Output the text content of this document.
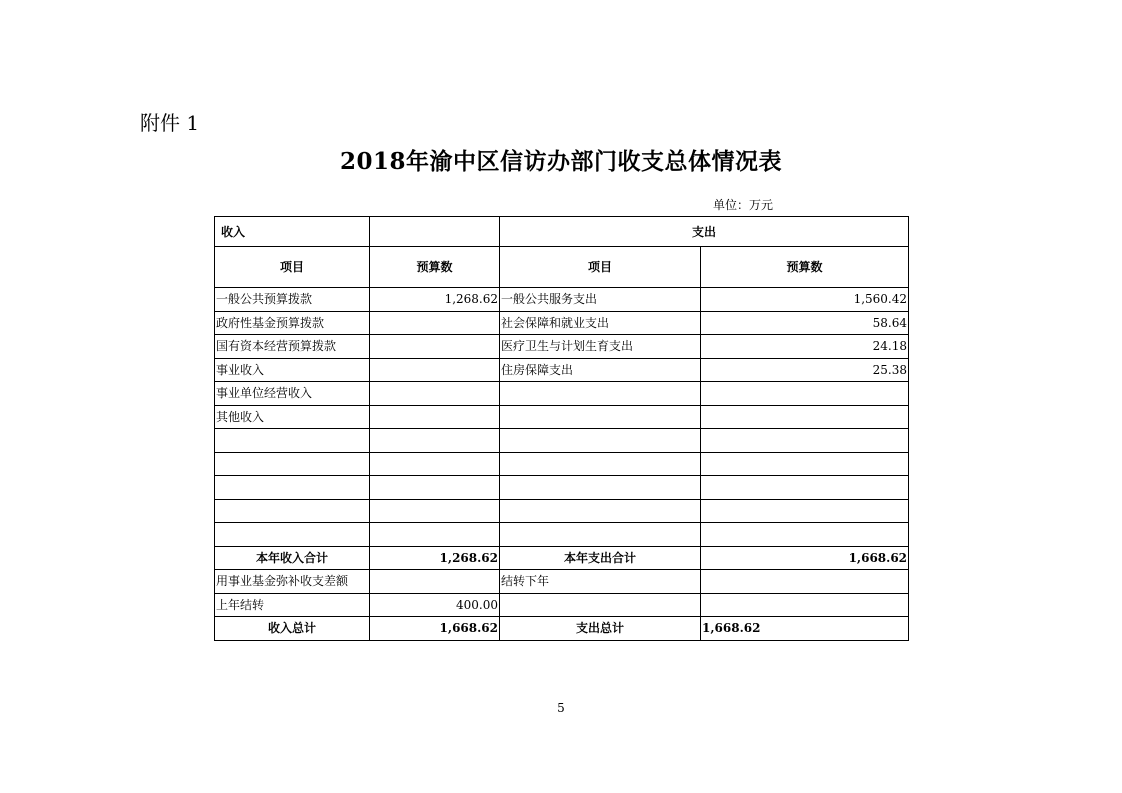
附件 1
2018年渝中区信访办部门收支总体情况表
单位：万元
收入		支出	
项目	预算数	项目	预算数
一般公共预算拨款	1,268.62	一般公共服务支出	1,560.42
政府性基金预算拨款		社会保障和就业支出	58.64
国有资本经营预算拨款		医疗卫生与计划生育支出	24.18
事业收入		住房保障支出	25.38
事业单位经营收入			
其他收入			

本年收入合计	1,268.62	本年支出合计	1,668.62
用事业基金弥补收支差额		结转下年	
上年结转	400.00		
收入总计	1,668.62	支出总计	1,668.62
5
